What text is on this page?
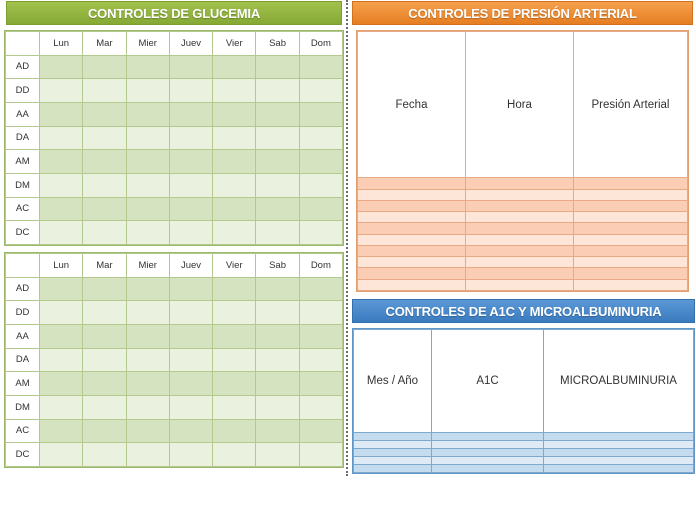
CONTROLES DE GLUCEMIA	CONTROLES DE PRESIÓN ARTERIAL
CONTROLES DE A1C Y MICROALBUMINURIA
	Lun	Mar	Mier	Juev	Vier	Sab	Dom
AD							
DD							
AA							
DA							
AM							
DM							
AC							
DC							
	Lun	Mar	Mier	Juev	Vier	Sab	Dom
AD							
DD							
AA							
DA							
AM							
DM							
AC							
DC							
Fecha	Hora	Presión Arterial

Mes / Año	A1C	MICROALBUMINURIA
